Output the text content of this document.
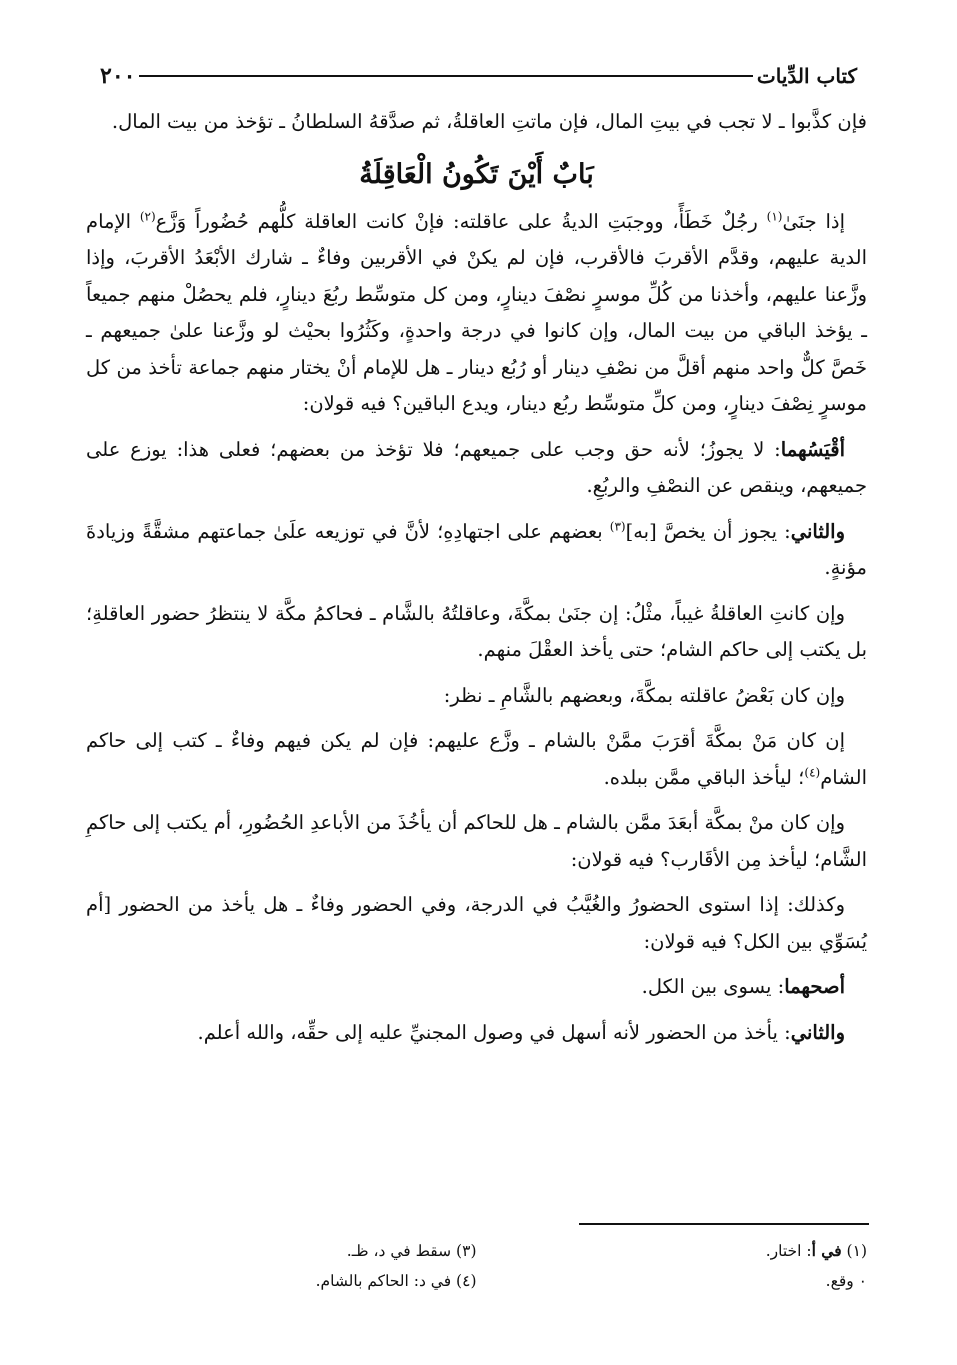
كتاب الدِّيات
٢٠٠

فإن كذَّبوا ـ لا تجب في بيتِ المال، فإن ماتتِ العاقلةُ، ثم صدَّقهُ السلطانُ ـ تؤخذ من بيت المال.

بَابٌ أَيْنَ تَكُونُ الْعَاقِلَةُ

إذا جنَىٰ$^{(١)}$ رجُلٌ خَطَأً، ووجبَتِ الديةُ على عاقلته: فإنْ كانت العاقلة كلُّهم حُضُوراً وَزَّع$^{(٢)}$ الإمام الدية عليهم، وقدَّم الأقربَ فالأقرب، فإن لم يكنْ في الأقربين وفاءٌ ـ شارك الأبْعَدُ الأقربَ، وإذا وزَّعنا عليهم، وأخذنا من كُلِّ موسرٍ نصْفَ دينارٍ، ومن كل متوسِّط ربُعَ دينارٍ، فلم يحصُلْ منهم جميعاً ـ يؤخذ الباقي من بيت المال، وإن كانوا في درجة واحدةٍ، وكَثُرُوا بحيْث لو وزَّعنا علىٰ جميعهم ـ خَصَّ كلٌّ واحد منهم أقلَّ من نصْفِ دينار أو رُبُع دينار ـ هل للإمام أنْ يختار منهم جماعة تأخذ من كل موسرٍ نِصْفَ دينارٍ، ومن كلِّ متوسِّط ربُع دينار، ويدع الباقين؟ فيه قولان:

أقْيَسُهما: لا يجوزُ؛ لأنه حق وجب على جميعهم؛ فلا تؤخذ من بعضهم؛ فعلى هذا: يوزع على جميعهم، وينقص عن النصْفِ والربُعِ.

والثاني: يجوز أن يخصَّ [به]$^{(٣)}$ بعضهم على اجتهادِهِ؛ لأنَّ في توزيعه علَىٰ جماعتهم مشقَّةً وزيادةَ مؤنةٍ.

وإن كانتِ العاقلةُ غيباً، مثْلُ: إن جنَىٰ بمكَّةَ، وعاقلتُهُ بالشَّام ـ فحاكمُ مكَّة لا ينتظرُ حضور العاقلةِ؛ بل يكتب إلى حاكم الشام؛ حتى يأخذ العقْلَ منهم.

وإن كان بَعْضُ عاقلته بمكَّةَ، وبعضهم بالشَّامِ ـ نظر:

إن كان مَنْ بمكَّةَ أقرَبَ ممَّنْ بالشام ـ وزَّع عليهم: فإن لم يكن فيهم وفاءٌ ـ كتب إلى حاكم الشام$^{(٤)}$؛ ليأخذ الباقي ممَّن ببلده.

وإن كان منْ بمكَّة أبعَدَ ممَّن بالشام ـ هل للحاكم أن يأخُذَ من الأباعدِ الحُضُورِ، أم يكتب إلى حاكمِ الشَّام؛ ليأخذ مِن الأقَارب؟ فيه قولان:

وكذلك: إذا استوى الحضورُ والغُيَّبُ في الدرجة، وفي الحضور وفاءٌ ـ هل يأخذ من الحضور [أم يُسَوِّي بين الكل؟ فيه قولان:

أصحهما: يسوى بين الكل.

والثاني: يأخذ من الحضور لأنه أسهل في وصول المجنيِّ عليه إلى حقِّه، والله أعلم.

(١) في أ: اختار.
(٣) سقط في د، ظـ.
٠ وقع.
(٤) في د: الحاكم بالشام.
